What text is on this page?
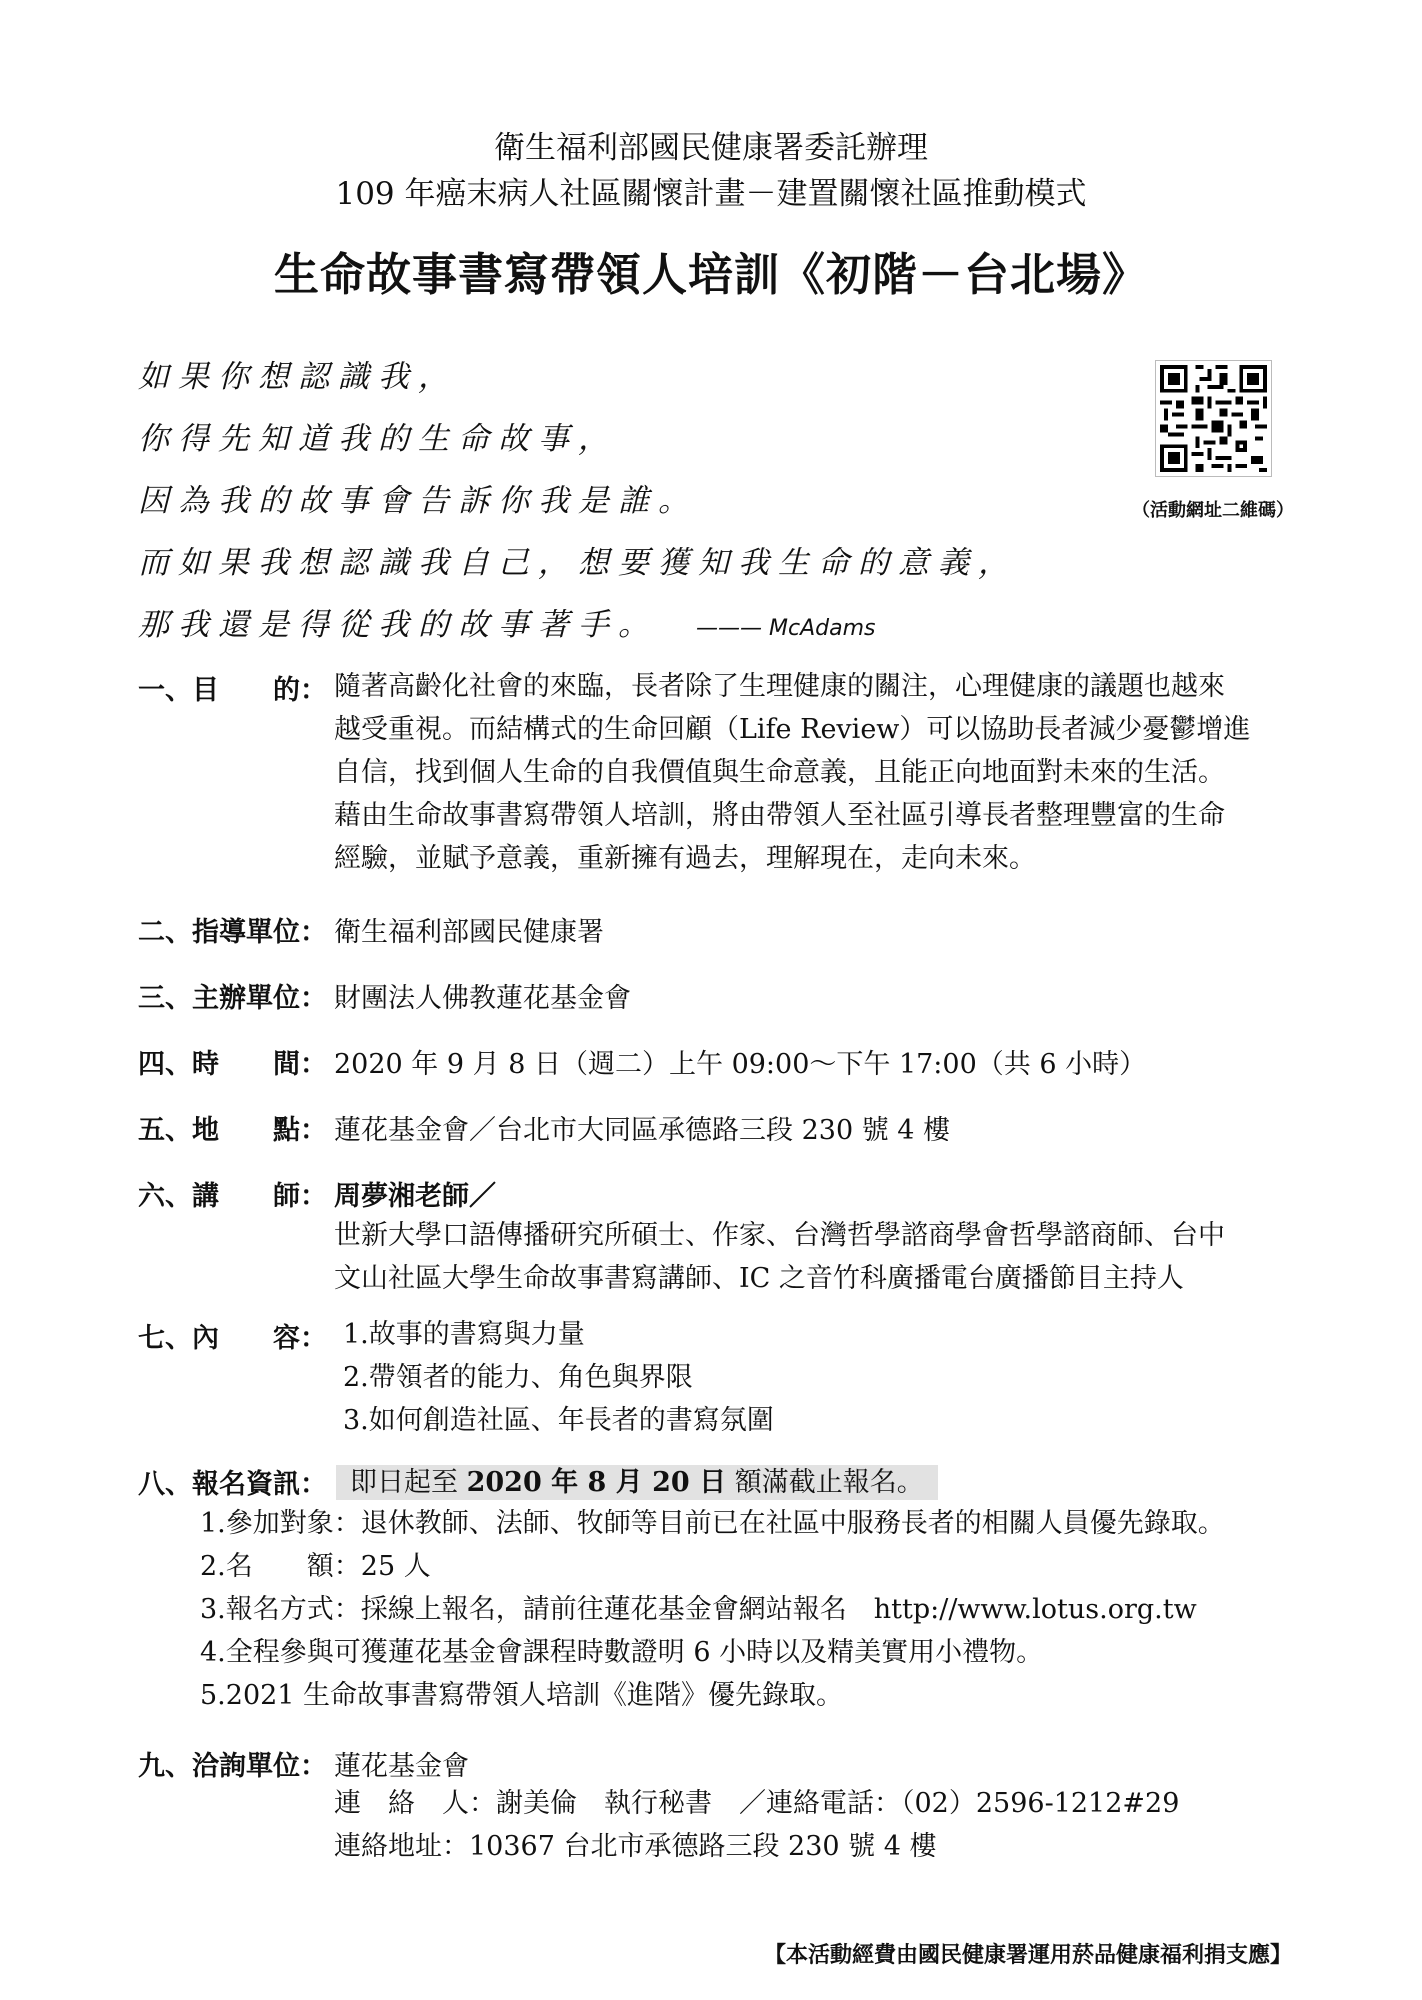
衛生福利部國民健康署委託辦理
109 年癌末病人社區關懷計畫－建置關懷社區推動模式
生命故事書寫帶領人培訓《初階－台北場》
如果你想認識我，
你得先知道我的生命故事，
因為我的故事會告訴你我是誰。
而如果我想認識我自己，想要獲知我生命的意義，
那我還是得從我的故事著手。 ——— McAdams
（活動網址二維碼）
一、目　　的： 隨著高齡化社會的來臨，長者除了生理健康的關注，心理健康的議題也越來
越受重視。而結構式的生命回顧（Life Review）可以協助長者減少憂鬱增進
自信，找到個人生命的自我價值與生命意義，且能正向地面對未來的生活。
藉由生命故事書寫帶領人培訓，將由帶領人至社區引導長者整理豐富的生命
經驗，並賦予意義，重新擁有過去，理解現在，走向未來。
二、指導單位： 衛生福利部國民健康署
三、主辦單位： 財團法人佛教蓮花基金會
四、時　　間： 2020 年 9 月 8 日（週二）上午 09:00～下午 17:00（共 6 小時）
五、地　　點： 蓮花基金會／台北市大同區承德路三段 230 號 4 樓
六、講　　師： 周夢湘老師／
世新大學口語傳播研究所碩士、作家、台灣哲學諮商學會哲學諮商師、台中
文山社區大學生命故事書寫講師、IC 之音竹科廣播電台廣播節目主持人
七、內　　容： 1.故事的書寫與力量
2.帶領者的能力、角色與界限
3.如何創造社區、年長者的書寫氛圍
八、報名資訊： 即日起至 2020 年 8 月 20 日 額滿截止報名。
1.參加對象：退休教師、法師、牧師等目前已在社區中服務長者的相關人員優先錄取。
2.名　　額：25 人
3.報名方式：採線上報名，請前往蓮花基金會網站報名　http://www.lotus.org.tw
4.全程參與可獲蓮花基金會課程時數證明 6 小時以及精美實用小禮物。
5.2021 生命故事書寫帶領人培訓《進階》優先錄取。
九、洽詢單位： 蓮花基金會
連　絡　人：謝美倫　執行秘書　／連絡電話：（02）2596-1212#29
連絡地址：10367 台北市承德路三段 230 號 4 樓
【本活動經費由國民健康署運用菸品健康福利捐支應】
